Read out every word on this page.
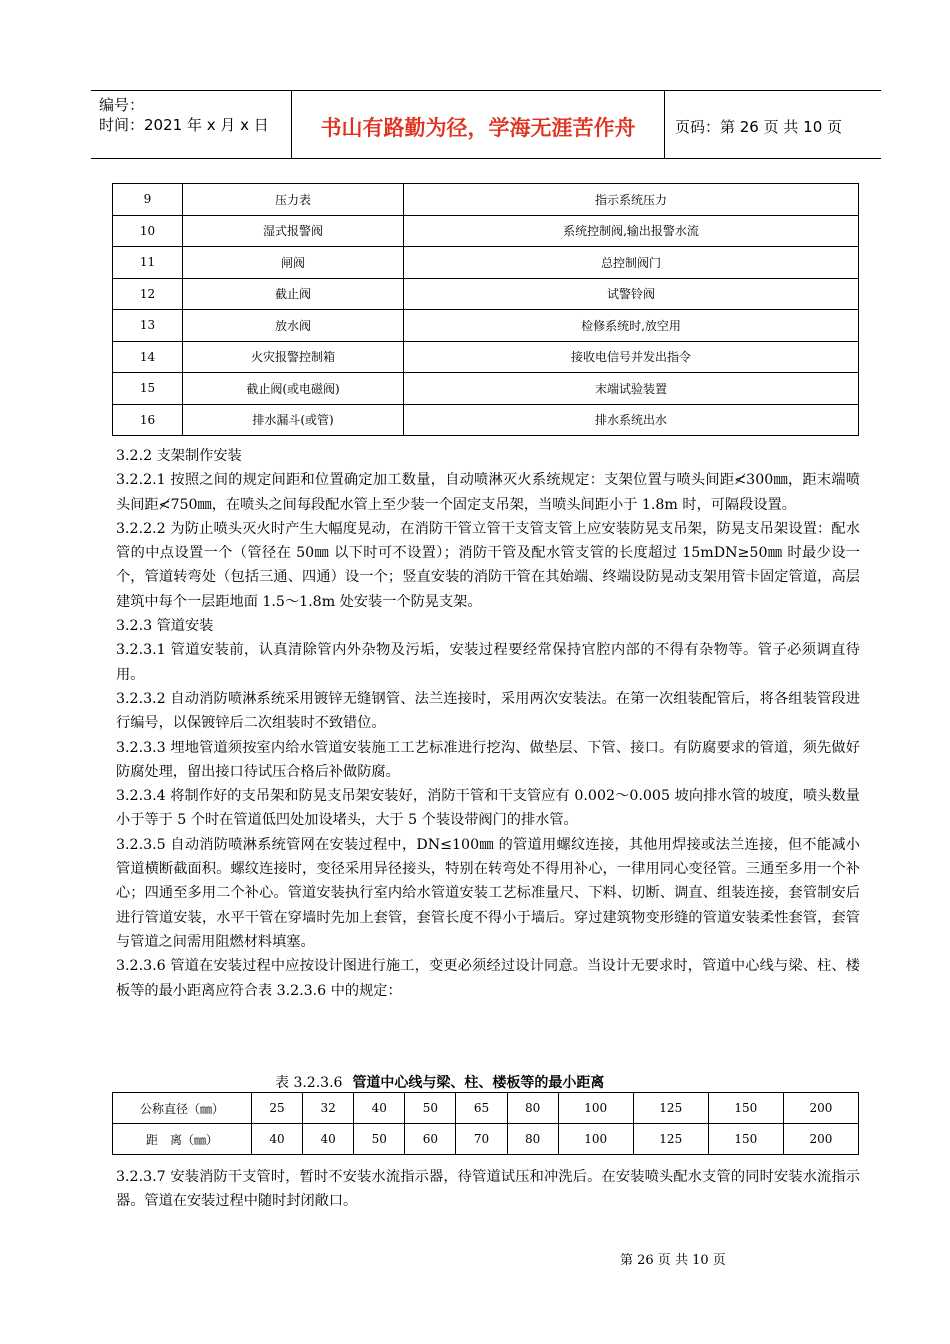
编号：
时间：2021 年 x 月 x 日	书山有路勤为径，学海无涯苦作舟	页码：第 26 页 共 10 页
9	压力表	指示系统压力
10	湿式报警阀	系统控制阀,输出报警水流
11	闸阀	总控制阀门
12	截止阀	试警铃阀
13	放水阀	检修系统时,放空用
14	火灾报警控制箱	接收电信号并发出指令
15	截止阀(或电磁阀)	末端试验装置
16	排水漏斗(或管)	排水系统出水

3.2.2 支架制作安装

3.2.2.1 按照之间的规定间距和位置确定加工数量，自动喷淋灭火系统规定：支架位置与喷头间距≮300㎜，距末端喷头间距≮750㎜，在喷头之间每段配水管上至少装一个固定支吊架，当喷头间距小于 1.8m 时，可隔段设置。

3.2.2.2 为防止喷头灭火时产生大幅度晃动，在消防干管立管干支管支管上应安装防晃支吊架，防晃支吊架设置：配水管的中点设置一个（管径在 50㎜ 以下时可不设置）；消防干管及配水管支管的长度超过 15mDN≥50㎜ 时最少设一个，管道转弯处（包括三通、四通）设一个；竖直安装的消防干管在其始端、终端设防晃动支架用管卡固定管道，高层建筑中每个一层距地面 1.5～1.8m 处安装一个防晃支架。

3.2.3 管道安装

3.2.3.1 管道安装前，认真清除管内外杂物及污垢，安装过程要经常保持官腔内部的不得有杂物等。管子必须调直待用。

3.2.3.2 自动消防喷淋系统采用镀锌无缝钢管、法兰连接时，采用两次安装法。在第一次组装配管后，将各组装管段进行编号，以保镀锌后二次组装时不致错位。

3.2.3.3 埋地管道须按室内给水管道安装施工工艺标准进行挖沟、做垫层、下管、接口。有防腐要求的管道，须先做好防腐处理，留出接口待试压合格后补做防腐。

3.2.3.4 将制作好的支吊架和防晃支吊架安装好，消防干管和干支管应有 0.002～0.005 坡向排水管的坡度，喷头数量小于等于 5 个时在管道低凹处加设堵头，大于 5 个装设带阀门的排水管。

3.2.3.5 自动消防喷淋系统管网在安装过程中，DN≤100㎜ 的管道用螺纹连接，其他用焊接或法兰连接，但不能减小管道横断截面积。螺纹连接时，变径采用异径接头，特别在转弯处不得用补心，一律用同心变径管。三通至多用一个补心；四通至多用二个补心。管道安装执行室内给水管道安装工艺标准量尺、下料、切断、调直、组装连接，套管制安后进行管道安装，水平干管在穿墙时先加上套管，套管长度不得小于墙后。穿过建筑物变形缝的管道安装柔性套管，套管与管道之间需用阻燃材料填塞。

3.2.3.6 管道在安装过程中应按设计图进行施工，变更必须经过设计同意。当设计无要求时，管道中心线与梁、柱、楼板等的最小距离应符合表 3.2.3.6 中的规定：

表 3.2.3.6 管道中心线与梁、柱、楼板等的最小距离
公称直径（㎜）	25	32	40	50	65	80	100	125	150	200
距　离（㎜）	40	40	50	60	70	80	100	125	150	200

3.2.3.7 安装消防干支管时，暂时不安装水流指示器，待管道试压和冲洗后。在安装喷头配水支管的同时安装水流指示器。管道在安装过程中随时封闭敞口。

第 26 页 共 10 页
